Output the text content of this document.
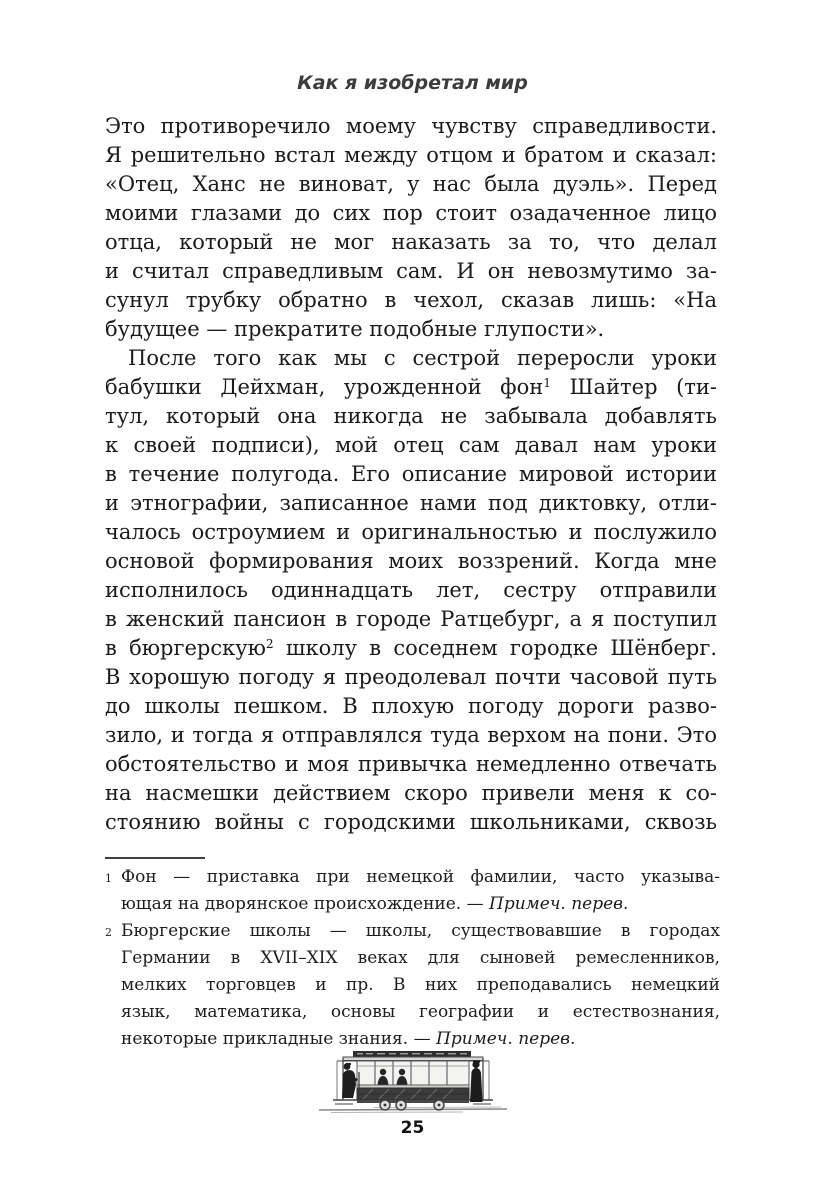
Как я изобретал мир
Это противоречило моему чувству справедливости.
Я решительно встал между отцом и братом и сказал:
«Отец, Ханс не виноват, у нас была дуэль». Перед
моими глазами до сих пор стоит озадаченное лицо
отца, который не мог наказать за то, что делал
и считал справедливым сам. И он невозмутимо за-
сунул трубку обратно в чехол, сказав лишь: «На
будущее — прекратите подобные глупости».
После того как мы с сестрой переросли уроки
бабушки Дейхман, урожденной фон$^1$ Шайтер (ти-
тул, который она никогда не забывала добавлять
к своей подписи), мой отец сам давал нам уроки
в течение полугода. Его описание мировой истории
и этнографии, записанное нами под диктовку, отли-
чалось остроумием и оригинальностью и послужило
основой формирования моих воззрений. Когда мне
исполнилось одиннадцать лет, сестру отправили
в женский пансион в городе Ратцебург, а я поступил
в бюргерскую$^2$ школу в соседнем городке Шёнберг.
В хорошую погоду я преодолевал почти часовой путь
до школы пешком. В плохую погоду дороги разво-
зило, и тогда я отправлялся туда верхом на пони. Это
обстоятельство и моя привычка немедленно отвечать
на насмешки действием скоро привели меня к со-
стоянию войны с городскими школьниками, сквозь
1 Фон — приставка при немецкой фамилии, часто указыва-
ющая на дворянское происхождение. — Примеч. перев.
2 Бюргерские школы — школы, существовавшие в городах
Германии в XVII–XIX веках для сыновей ремесленников,
мелких торговцев и пр. В них преподавались немецкий
язык, математика, основы географии и естествознания,
некоторые прикладные знания. — Примеч. перев.
25
